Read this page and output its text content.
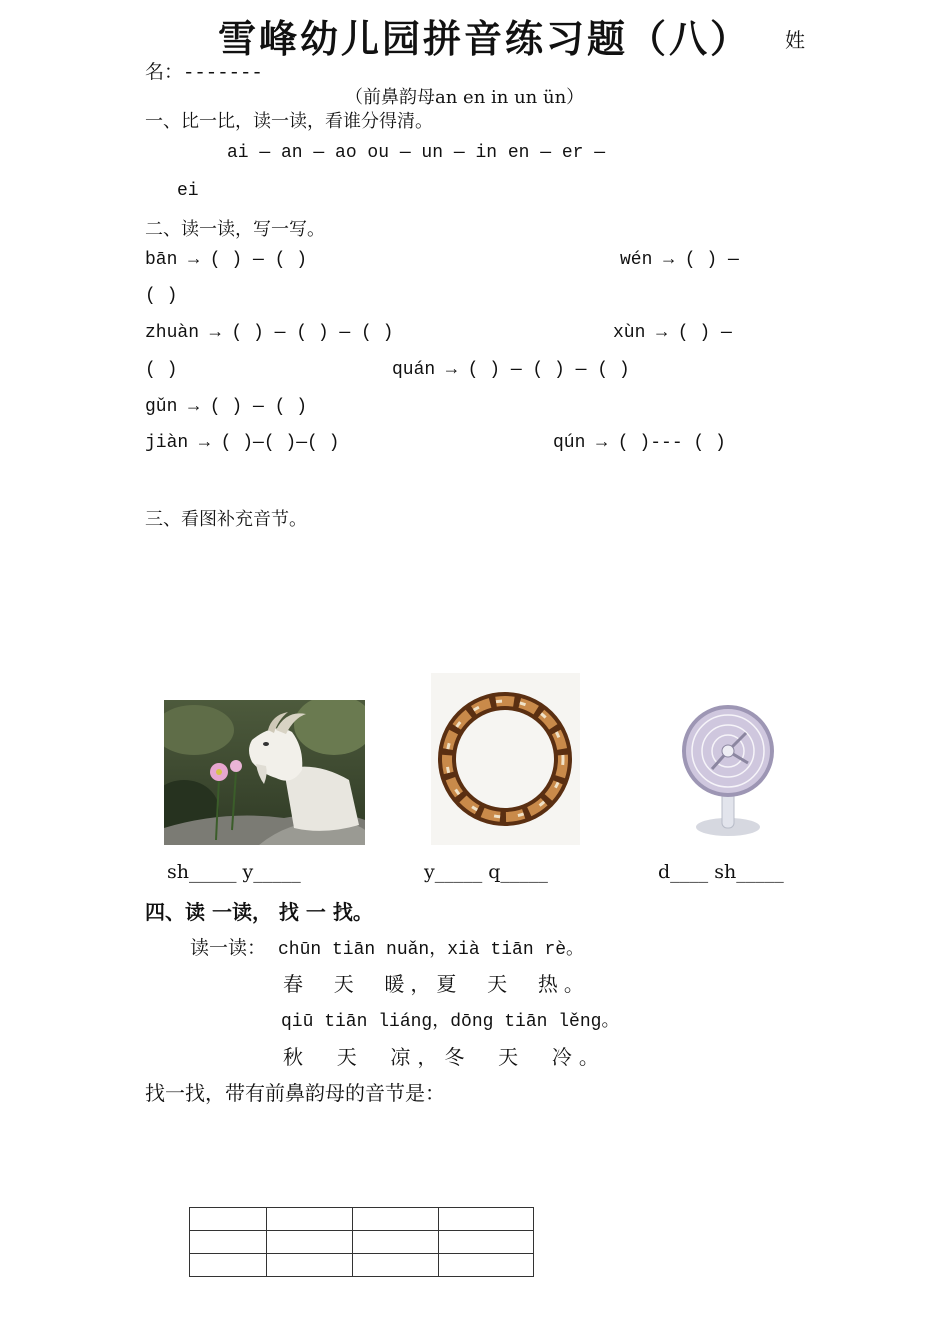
雪峰幼儿园拼音练习题（八） 姓
名：-------
（前鼻韵母an en in un ün）
一、比一比，读一读，看谁分得清。
ai — an — ao ou — un — in en — er —
ei
二、读一读，写一写。
bān → ( ) — ( )	wén → ( ) —
( )
zhuàn → ( ) — ( ) — ( )	xùn → ( ) —
( )	quán → ( ) — ( ) — ( )
gǔn → ( ) — ( )
jiàn → ( )—( )—( )	qún → ( )--- ( )
三、看图补充音节。
sh_____ y_____	y_____ q_____	d____ sh_____
四、读 一读， 找 一 找。
读一读： chūn tiān nuǎn，xià tiān rè。
春  天  暖，夏  天  热。
qiū tiān liáng，dōng tiān lěng。
秋  天  凉，冬  天  冷。
找一找，带有前鼻韵母的音节是：
